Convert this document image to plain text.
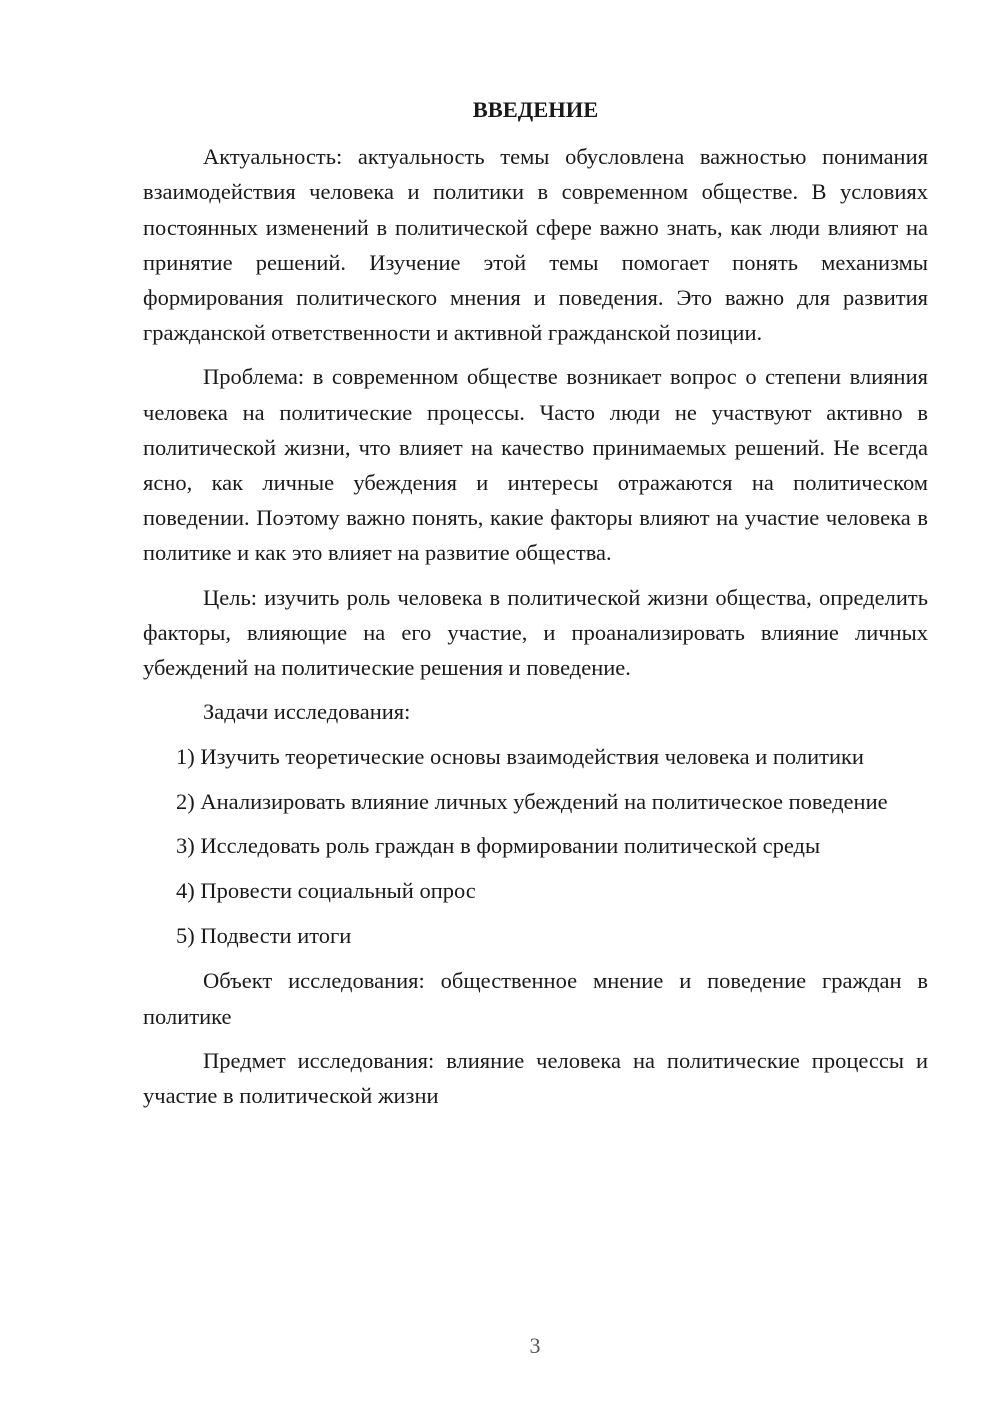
ВВЕДЕНИЕ

Актуальность: актуальность темы обусловлена важностью понимания взаимодействия человека и политики в современном обществе. В условиях постоянных изменений в политической сфере важно знать, как люди влияют на принятие решений. Изучение этой темы помогает понять механизмы формирования политического мнения и поведения. Это важно для развития гражданской ответственности и активной гражданской позиции.

Проблема: в современном обществе возникает вопрос о степени влияния человека на политические процессы. Часто люди не участвуют активно в политической жизни, что влияет на качество принимаемых решений. Не всегда ясно, как личные убеждения и интересы отражаются на политическом поведении. Поэтому важно понять, какие факторы влияют на участие человека в политике и как это влияет на развитие общества.

Цель: изучить роль человека в политической жизни общества, определить факторы, влияющие на его участие, и проанализировать влияние личных убеждений на политические решения и поведение.

Задачи исследования:

1) Изучить теоретические основы взаимодействия человека и политики

2) Анализировать влияние личных убеждений на политическое поведение

3) Исследовать роль граждан в формировании политической среды

4) Провести социальный опрос

5) Подвести итоги

Объект исследования: общественное мнение и поведение граждан в политике

Предмет исследования: влияние человека на политические процессы и участие в политической жизни

3
